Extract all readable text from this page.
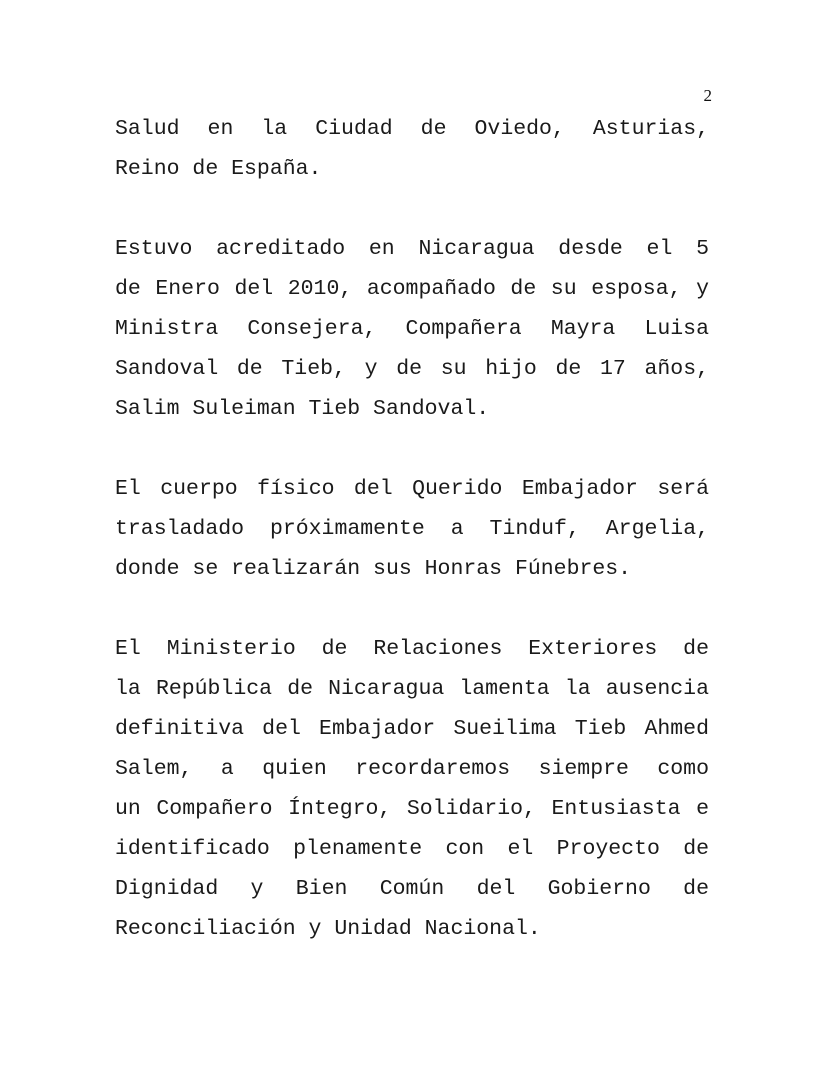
2
Salud en la Ciudad de Oviedo, Asturias,
Reino de España.
Estuvo acreditado en Nicaragua desde el 5
de Enero del 2010, acompañado de su esposa, y
Ministra Consejera, Compañera Mayra Luisa
Sandoval de Tieb, y de su hijo de 17 años,
Salim Suleiman Tieb Sandoval.
El cuerpo físico del Querido Embajador será
trasladado próximamente a Tinduf, Argelia,
donde se realizarán sus Honras Fúnebres.
El Ministerio de Relaciones Exteriores de
la República de Nicaragua lamenta la ausencia
definitiva del Embajador Sueilima Tieb Ahmed
Salem, a quien recordaremos siempre como
un Compañero Íntegro, Solidario, Entusiasta e
identificado plenamente con el Proyecto de
Dignidad y Bien Común del Gobierno de
Reconciliación y Unidad Nacional.
